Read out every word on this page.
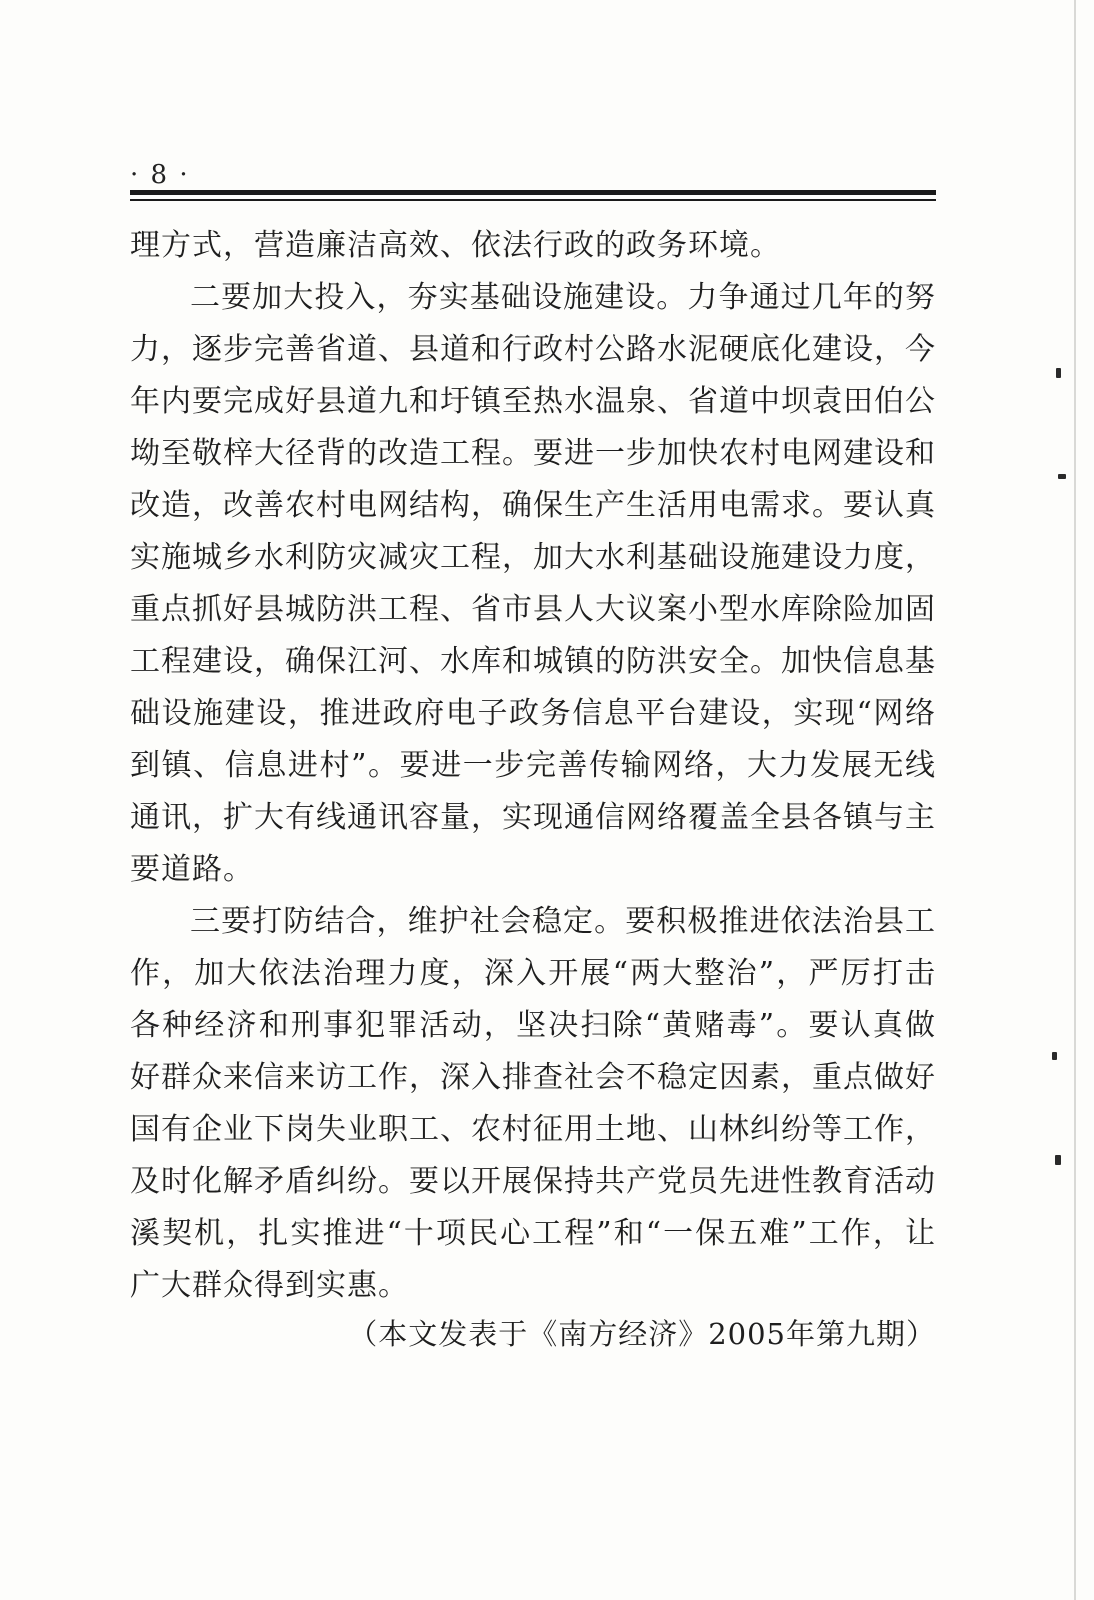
· 8 ·

理方式，营造廉洁高效、依法行政的政务环境。

二要加大投入，夯实基础设施建设。力争通过几年的努力，逐步完善省道、县道和行政村公路水泥硬底化建设，今年内要完成好县道九和圩镇至热水温泉、省道中坝袁田伯公坳至敬梓大径背的改造工程。要进一步加快农村电网建设和改造，改善农村电网结构，确保生产生活用电需求。要认真实施城乡水利防灾减灾工程，加大水利基础设施建设力度，重点抓好县城防洪工程、省市县人大议案小型水库除险加固工程建设，确保江河、水库和城镇的防洪安全。加快信息基础设施建设，推进政府电子政务信息平台建设，实现“网络到镇、信息进村”。要进一步完善传输网络，大力发展无线通讯，扩大有线通讯容量，实现通信网络覆盖全县各镇与主要道路。

三要打防结合，维护社会稳定。要积极推进依法治县工作，加大依法治理力度，深入开展“两大整治”，严厉打击各种经济和刑事犯罪活动，坚决扫除“黄赌毒”。要认真做好群众来信来访工作，深入排查社会不稳定因素，重点做好国有企业下岗失业职工、农村征用土地、山林纠纷等工作，及时化解矛盾纠纷。要以开展保持共产党员先进性教育活动溪契机，扎实推进“十项民心工程”和“一保五难”工作，让广大群众得到实惠。

（本文发表于《南方经济》2005年第九期）
